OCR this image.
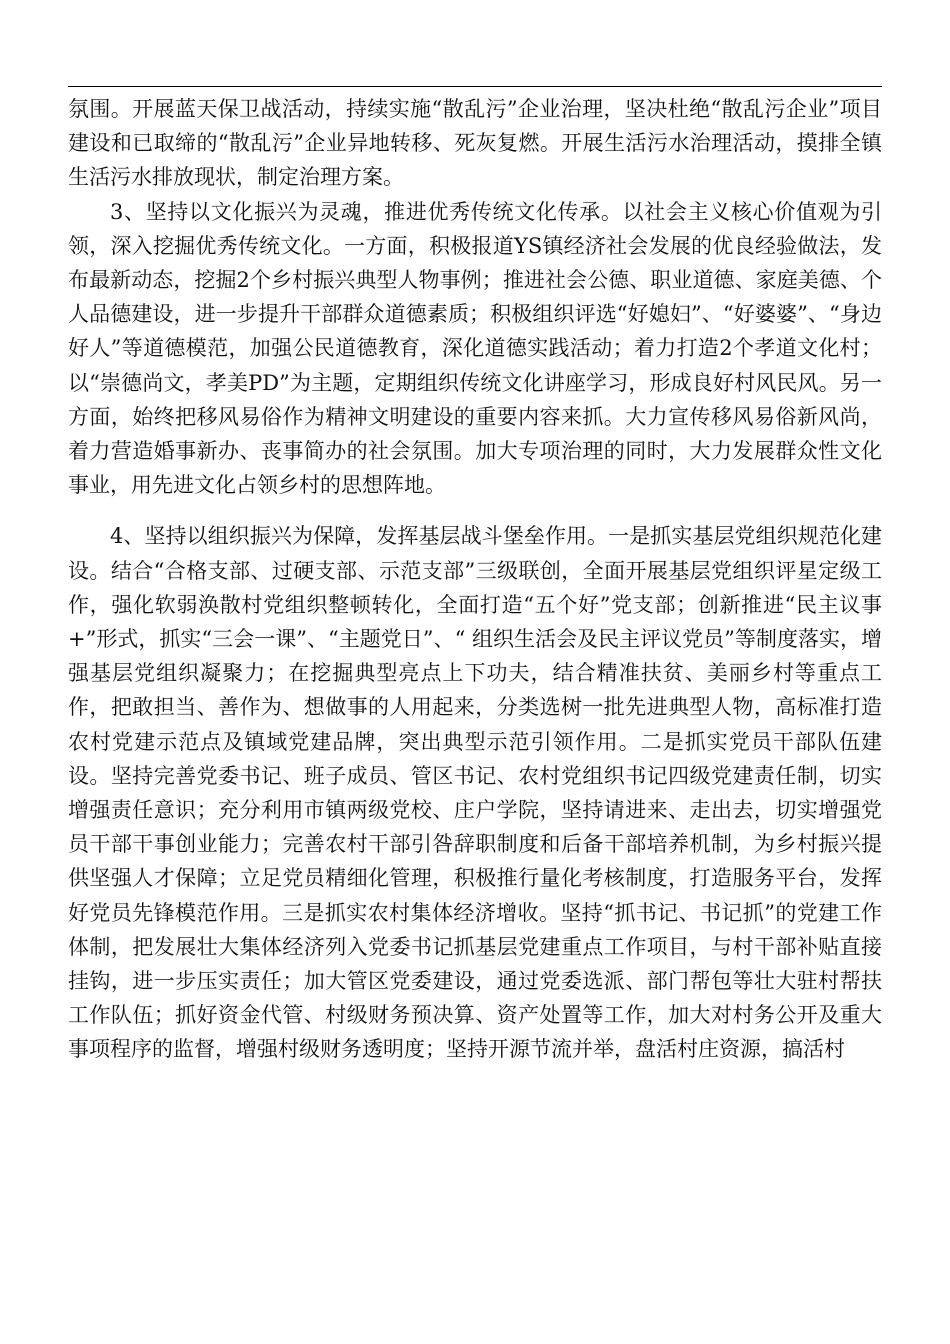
氛围。开展蓝天保卫战活动，持续实施“散乱污”企业治理，坚决杜绝“散乱污企业”项目建设和已取缔的“散乱污”企业异地转移、死灰复燃。开展生活污水治理活动，摸排全镇生活污水排放现状，制定治理方案。

3、坚持以文化振兴为灵魂，推进优秀传统文化传承。以社会主义核心价值观为引领，深入挖掘优秀传统文化。一方面，积极报道YS镇经济社会发展的优良经验做法，发布最新动态，挖掘2个乡村振兴典型人物事例；推进社会公德、职业道德、家庭美德、个人品德建设，进一步提升干部群众道德素质；积极组织评选“好媳妇”、“好婆婆”、“身边好人”等道德模范，加强公民道德教育，深化道德实践活动；着力打造2个孝道文化村；以“崇德尚文，孝美PD”为主题，定期组织传统文化讲座学习，形成良好村风民风。另一方面，始终把移风易俗作为精神文明建设的重要内容来抓。大力宣传移风易俗新风尚，着力营造婚事新办、丧事简办的社会氛围。加大专项治理的同时，大力发展群众性文化事业，用先进文化占领乡村的思想阵地。

4、坚持以组织振兴为保障，发挥基层战斗堡垒作用。一是抓实基层党组织规范化建设。结合“合格支部、过硬支部、示范支部”三级联创，全面开展基层党组织评星定级工作，强化软弱涣散村党组织整顿转化，全面打造“五个好”党支部；创新推进“民主议事+”形式，抓实“三会一课”、“主题党日”、“ 组织生活会及民主评议党员”等制度落实，增强基层党组织凝聚力；在挖掘典型亮点上下功夫，结合精准扶贫、美丽乡村等重点工作，把敢担当、善作为、想做事的人用起来，分类选树一批先进典型人物，高标准打造农村党建示范点及镇域党建品牌，突出典型示范引领作用。二是抓实党员干部队伍建设。坚持完善党委书记、班子成员、管区书记、农村党组织书记四级党建责任制，切实增强责任意识；充分利用市镇两级党校、庄户学院，坚持请进来、走出去，切实增强党员干部干事创业能力；完善农村干部引咎辞职制度和后备干部培养机制，为乡村振兴提供坚强人才保障；立足党员精细化管理，积极推行量化考核制度，打造服务平台，发挥好党员先锋模范作用。三是抓实农村集体经济增收。坚持“抓书记、书记抓”的党建工作体制，把发展壮大集体经济列入党委书记抓基层党建重点工作项目，与村干部补贴直接挂钩，进一步压实责任；加大管区党委建设，通过党委选派、部门帮包等壮大驻村帮扶工作队伍；抓好资金代管、村级财务预决算、资产处置等工作，加大对村务公开及重大事项程序的监督，增强村级财务透明度；坚持开源节流并举，盘活村庄资源，搞活村
